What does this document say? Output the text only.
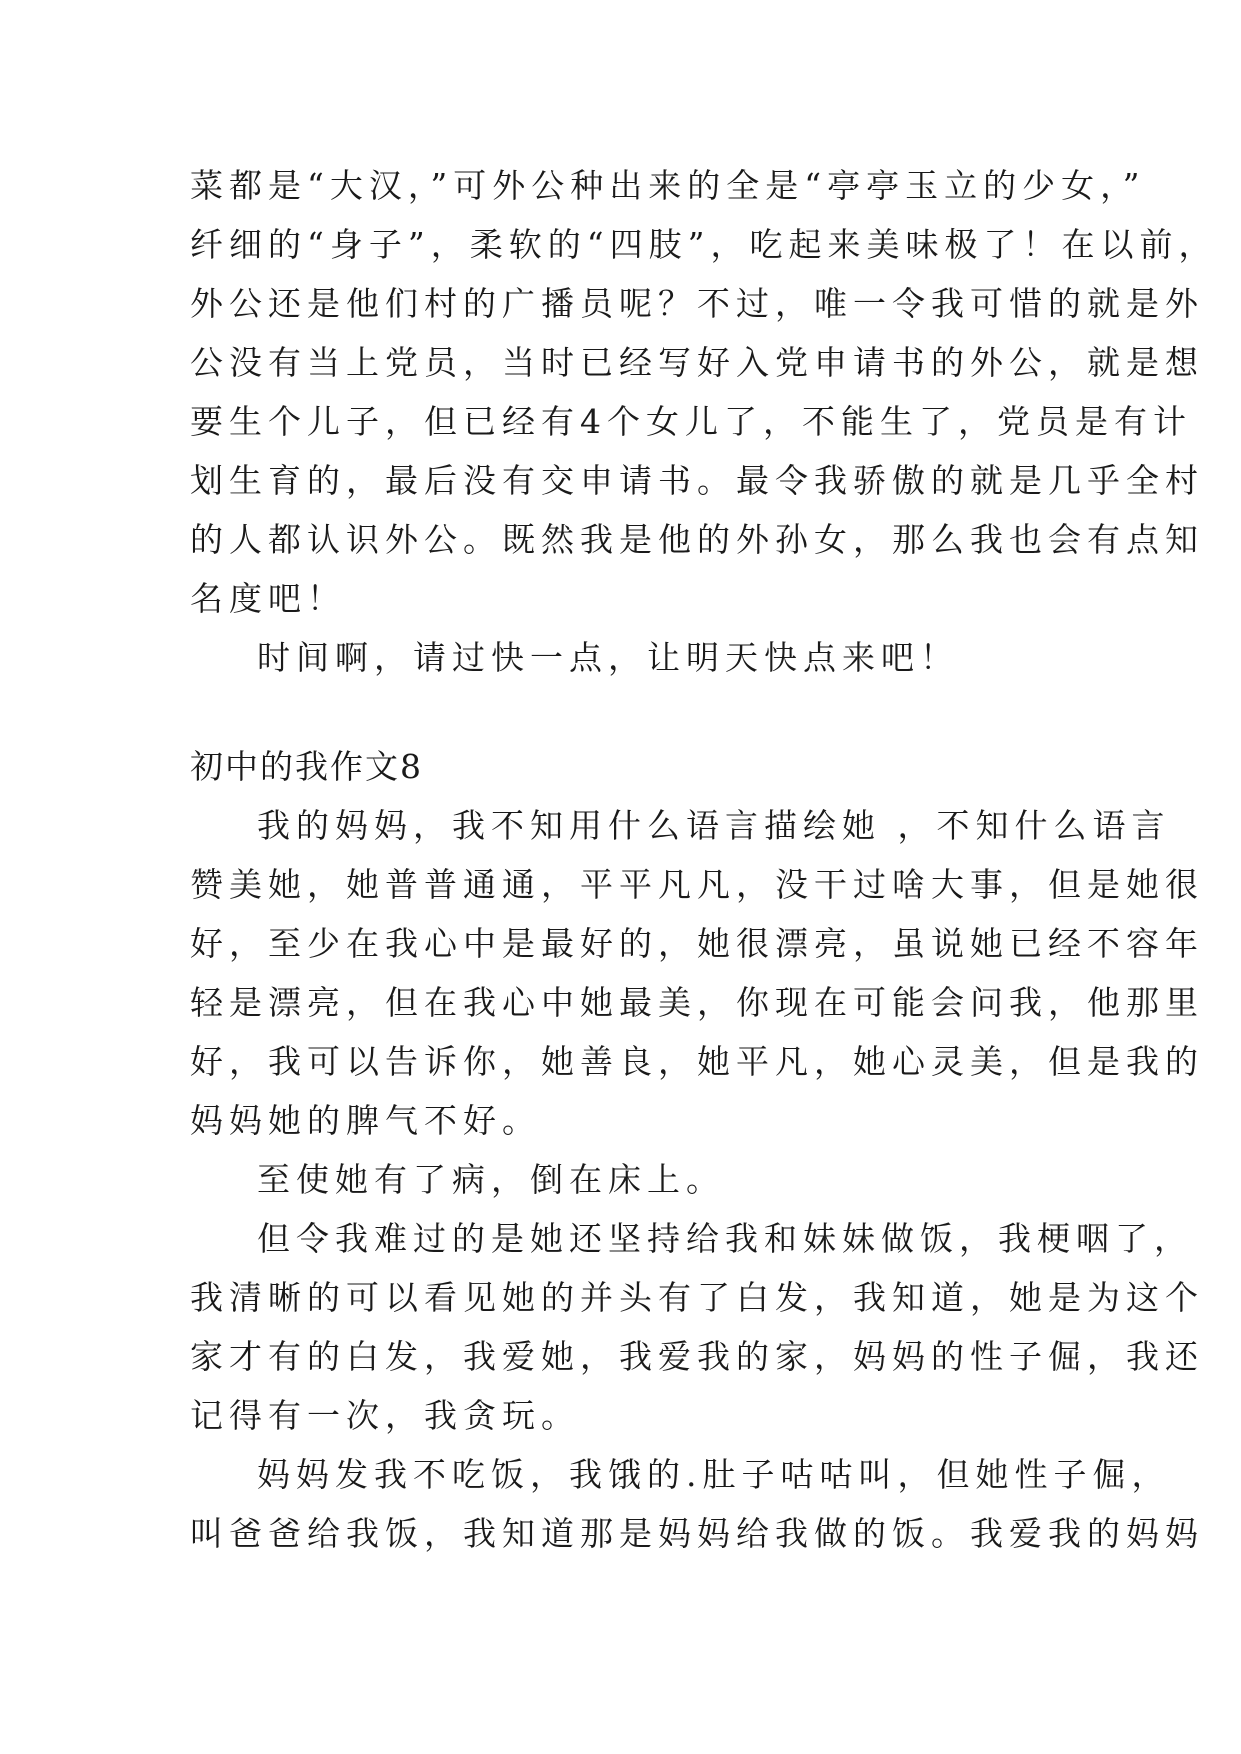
菜都是“大汉，”可外公种出来的全是“亭亭玉立的少女，”
纤细的“身子”，柔软的“四肢”，吃起来美味极了！在以前，
外公还是他们村的广播员呢？不过，唯一令我可惜的就是外
公没有当上党员，当时已经写好入党申请书的外公，就是想
要生个儿子，但已经有4个女儿了，不能生了，党员是有计
划生育的，最后没有交申请书。最令我骄傲的就是几乎全村
的人都认识外公。既然我是他的外孙女，那么我也会有点知
名度吧！
时间啊，请过快一点，让明天快点来吧！
初中的我作文8
我的妈妈，我不知用什么语言描绘她 ，不知什么语言
赞美她，她普普通通，平平凡凡，没干过啥大事，但是她很
好，至少在我心中是最好的，她很漂亮，虽说她已经不容年
轻是漂亮，但在我心中她最美，你现在可能会问我，他那里
好，我可以告诉你，她善良，她平凡，她心灵美，但是我的
妈妈她的脾气不好。
至使她有了病，倒在床上。
但令我难过的是她还坚持给我和妹妹做饭，我梗咽了，
我清晰的可以看见她的并头有了白发，我知道，她是为这个
家才有的白发，我爱她，我爱我的家，妈妈的性子倔，我还
记得有一次，我贪玩。
妈妈发我不吃饭，我饿的.肚子咕咕叫，但她性子倔，
叫爸爸给我饭，我知道那是妈妈给我做的饭。我爱我的妈妈
